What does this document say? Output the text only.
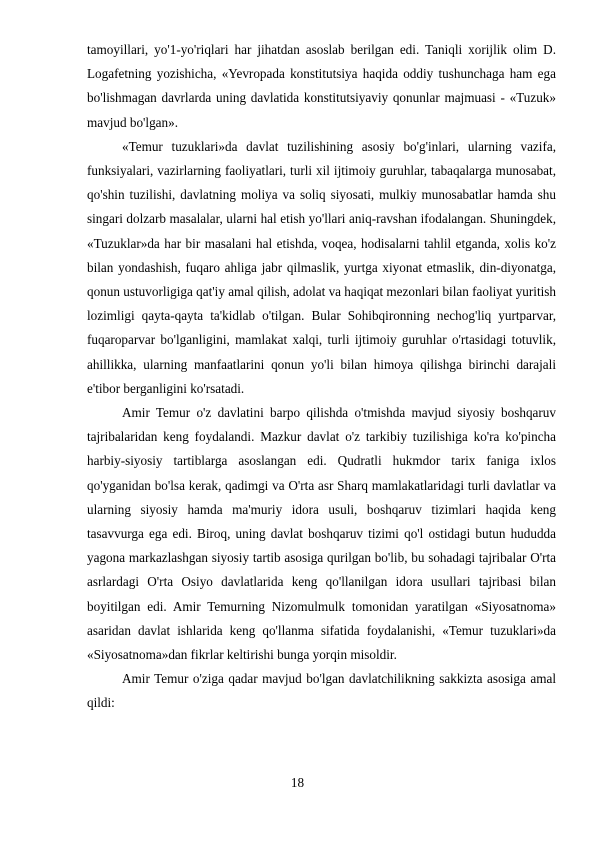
tamoyillari, yo'1-yo'riqlari har jihatdan asoslab berilgan edi. Taniqli xorijlik olim D. Logafetning yozishicha, «Yevropada konstitutsiya haqida oddiy tushunchaga ham ega bo'lishmagan davrlarda uning davlatida konstitutsiyaviy qonunlar majmuasi - «Tuzuk» mavjud bo'lgan».

«Temur tuzuklari»da davlat tuzilishining asosiy bo'g'inlari, ularning vazifa, funksiyalari, vazirlarning faoliyatlari, turli xil ijtimoiy guruhlar, tabaqalarga munosabat, qo'shin tuzilishi, davlatning moliya va soliq siyosati, mulkiy munosabatlar hamda shu singari dolzarb masalalar, ularni hal etish yo'llari aniq-ravshan ifodalangan. Shuningdek, «Tuzuklar»da har bir masalani hal etishda, voqea, hodisalarni tahlil etganda, xolis ko'z bilan yondashish, fuqaro ahliga jabr qilmaslik, yurtga xiyonat etmaslik, din-diyonatga, qonun ustuvorligiga qat'iy amal qilish, adolat va haqiqat mezonlari bilan faoliyat yuritish lozimligi qayta-qayta ta'kidlab o'tilgan. Bular Sohibqironning nechog'liq yurtparvar, fuqaroparvar bo'lganligini, mamlakat xalqi, turli ijtimoiy guruhlar o'rtasidagi totuvlik, ahillikka, ularning manfaatlarini qonun yo'li bilan himoya qilishga birinchi darajali e'tibor berganligini ko'rsatadi.

Amir Temur o'z davlatini barpo qilishda o'tmishda mavjud siyosiy boshqaruv tajribalaridan keng foydalandi. Mazkur davlat o'z tarkibiy tuzilishiga ko'ra ko'pincha harbiy-siyosiy tartiblarga asoslangan edi. Qudratli hukmdor tarix faniga ixlos qo'yganidan bo'lsa kerak, qadimgi va O'rta asr Sharq mamlakatlaridagi turli davlatlar va ularning siyosiy hamda ma'muriy idora usuli, boshqaruv tizimlari haqida keng tasavvurga ega edi. Biroq, uning davlat boshqaruv tizimi qo'l ostidagi butun hududda yagona markazlashgan siyosiy tartib asosiga qurilgan bo'lib, bu sohadagi tajribalar O'rta asrlardagi O'rta Osiyo davlatlarida keng qo'llanilgan idora usullari tajribasi bilan boyitilgan edi. Amir Temurning Nizomulmulk tomonidan yaratilgan «Siyosatnoma» asaridan davlat ishlarida keng qo'llanma sifatida foydalanishi, «Temur tuzuklari»da «Siyosatnoma»dan fikrlar keltirishi bunga yorqin misoldir.

Amir Temur o'ziga qadar mavjud bo'lgan davlatchilikning sakkizta asosiga amal qildi:

18
